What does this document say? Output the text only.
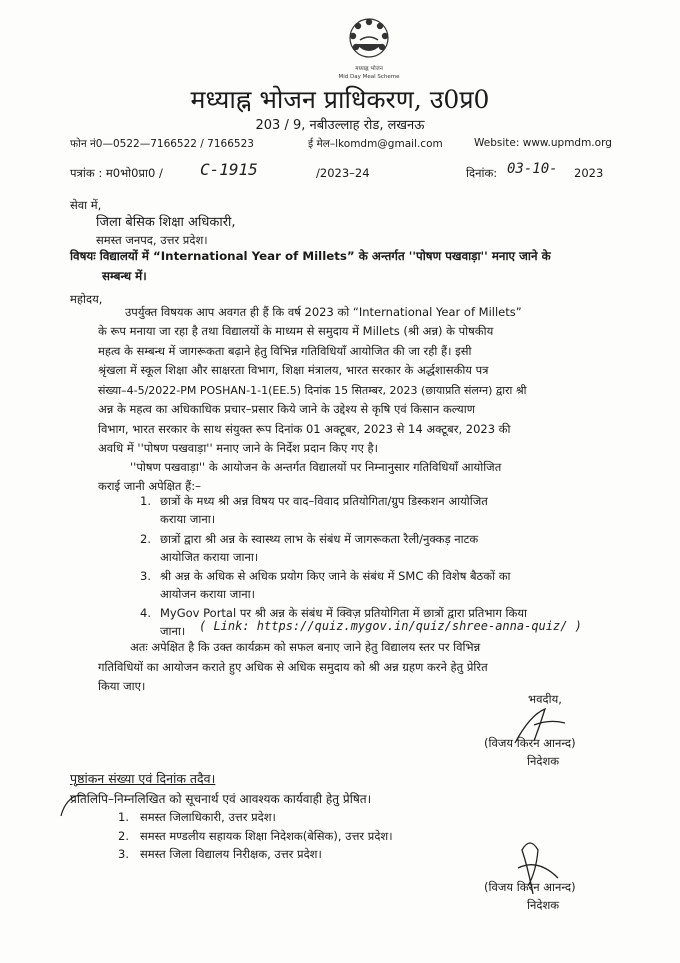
मध्याह्न भोजन
Mid Day Meal Scheme
मध्याह्न भोजन प्राधिकरण, उ0प्र0
203 / 9, नबीउल्लाह रोड, लखनऊ
फोन नं0—0522—7166522 / 7166523	ई मेल–lkomdm@gmail.com	Website: www.upmdm.org
पत्रांक : म0भो0प्रा0 / C-1915	/2023–24	दिनांक: 03-10- 2023
सेवा में,
जिला बेसिक शिक्षा अधिकारी,
समस्त जनपद, उत्तर प्रदेश।
विषयः विद्यालयों में “International Year of Millets” के अन्तर्गत ''पोषण पखवाड़ा'' मनाए जाने के
सम्बन्ध में।
महोदय,
उपर्युक्त विषयक आप अवगत ही हैं कि वर्ष 2023 को “International Year of Millets”
के रूप मनाया जा रहा है तथा विद्यालयों के माध्यम से समुदाय में Millets (श्री अन्न) के पोषकीय
महत्व के सम्बन्ध में जागरूकता बढ़ाने हेतु विभिन्न गतिविधियाँ आयोजित की जा रही हैं। इसी
श्रृंखला में स्कूल शिक्षा और साक्षरता विभाग, शिक्षा मंत्रालय, भारत सरकार के अर्द्धशासकीय पत्र
संख्या–4-5/2022-PM POSHAN-1-1(EE.5) दिनांक 15 सितम्बर, 2023 (छायाप्रति संलग्न) द्वारा श्री
अन्न के महत्व का अधिकाधिक प्रचार–प्रसार किये जाने के उद्देश्य से कृषि एवं किसान कल्याण
विभाग, भारत सरकार के साथ संयुक्त रूप दिनांक 01 अक्टूबर, 2023 से 14 अक्टूबर, 2023 की
अवधि में ''पोषण पखवाड़ा'' मनाए जाने के निर्देश प्रदान किए गए है।
''पोषण पखवाड़ा'' के आयोजन के अन्तर्गत विद्यालयों पर निम्नानुसार गतिविधियाँ आयोजित
कराई जानी अपेक्षित हैं:–
1. छात्रों के मध्य श्री अन्न विषय पर वाद–विवाद प्रतियोगिता/ग्रुप डिस्कशन आयोजित
कराया जाना।
2. छात्रों द्वारा श्री अन्न के स्वास्थ्य लाभ के संबंध में जागरूकता रैली/नुक्कड़ नाटक
आयोजित कराया जाना।
3. श्री अन्न के अधिक से अधिक प्रयोग किए जाने के संबंध में SMC की विशेष बैठकों का
आयोजन कराया जाना।
4. MyGov Portal पर श्री अन्न के संबंध में क्विज़ प्रतियोगिता में छात्रों द्वारा प्रतिभाग किया
जाना। ( Link: https://quiz.mygov.in/quiz/shree-anna-quiz/ )
अतः अपेक्षित है कि उक्त कार्यक्रम को सफल बनाए जाने हेतु विद्यालय स्तर पर विभिन्न
गतिविधियों का आयोजन कराते हुए अधिक से अधिक समुदाय को श्री अन्न ग्रहण करने हेतु प्रेरित
किया जाए।
भवदीय,
(विजय किरन आनन्द)
निदेशक
पृष्ठांकन संख्या एवं दिनांक तदैव।
प्रतिलिपि–निम्नलिखित को सूचनार्थ एवं आवश्यक कार्यवाही हेतु प्रेषित।
1. समस्त जिलाधिकारी, उत्तर प्रदेश।
2. समस्त मण्डलीय सहायक शिक्षा निदेशक(बेसिक), उत्तर प्रदेश।
3. समस्त जिला विद्यालय निरीक्षक, उत्तर प्रदेश।
(विजय किरन आनन्द)
निदेशक
